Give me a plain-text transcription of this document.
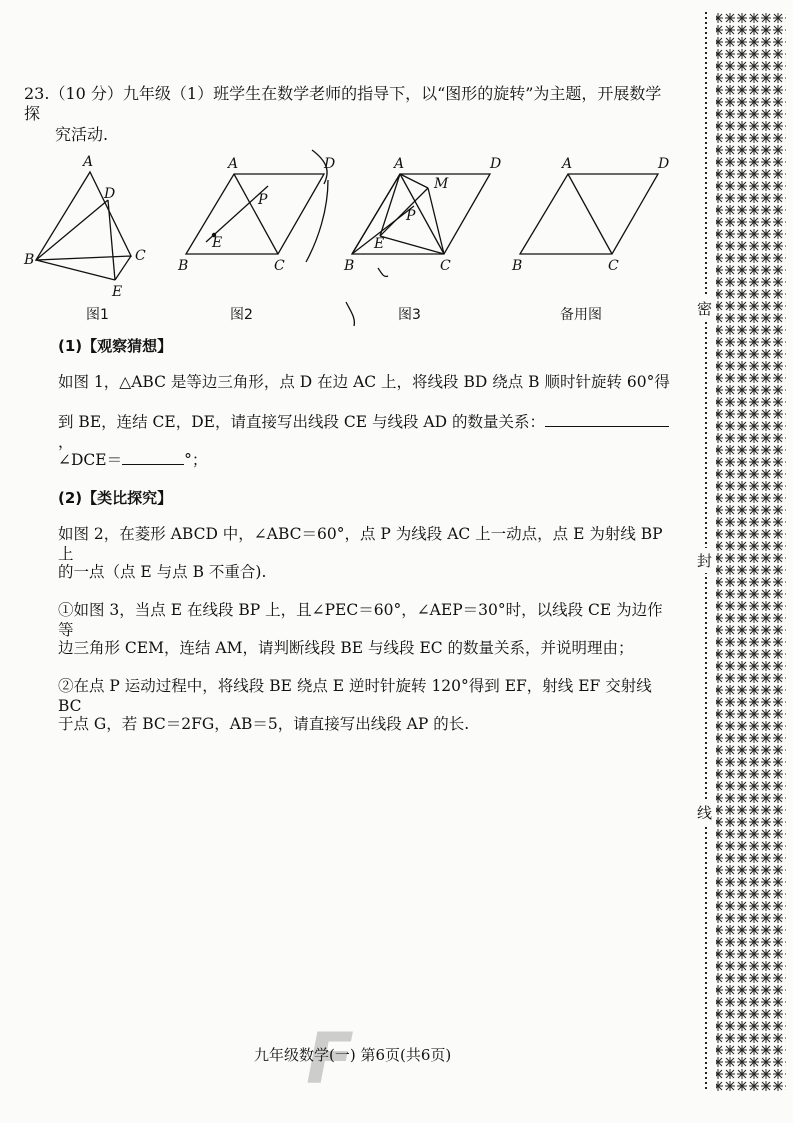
23.（10 分）九年级（1）班学生在数学老师的指导下，以“图形的旋转”为主题，开展数学探
究活动.
A
D
B	C
E
A	D
P
E
B	C
A	D
M
P
E
B	C
A	D
B	C
图1	图2	图3	备用图
(1)【观察猜想】
如图 1，△ABC 是等边三角形，点 D 在边 AC 上，将线段 BD 绕点 B 顺时针旋转 60°得
到 BE，连结 CE，DE，请直接写出线段 CE 与线段 AD 的数量关系：，
∠DCE＝	°；
(2)【类比探究】
如图 2，在菱形 ABCD 中，∠ABC＝60°，点 P 为线段 AC 上一动点，点 E 为射线 BP 上
的一点（点 E 与点 B 不重合).
①如图 3，当点 E 在线段 BP 上，且∠PEC＝60°，∠AEP＝30°时，以线段 CE 为边作等
边三角形 CEM，连结 AM，请判断线段 BE 与线段 EC 的数量关系，并说明理由；
②在点 P 运动过程中，将线段 BE 绕点 E 逆时针旋转 120°得到 EF，射线 EF 交射线 BC
于点 G，若 BC＝2FG，AB＝5，请直接写出线段 AP 的长.
F
九年级数学(一) 第6页(共6页)
密
封
线
